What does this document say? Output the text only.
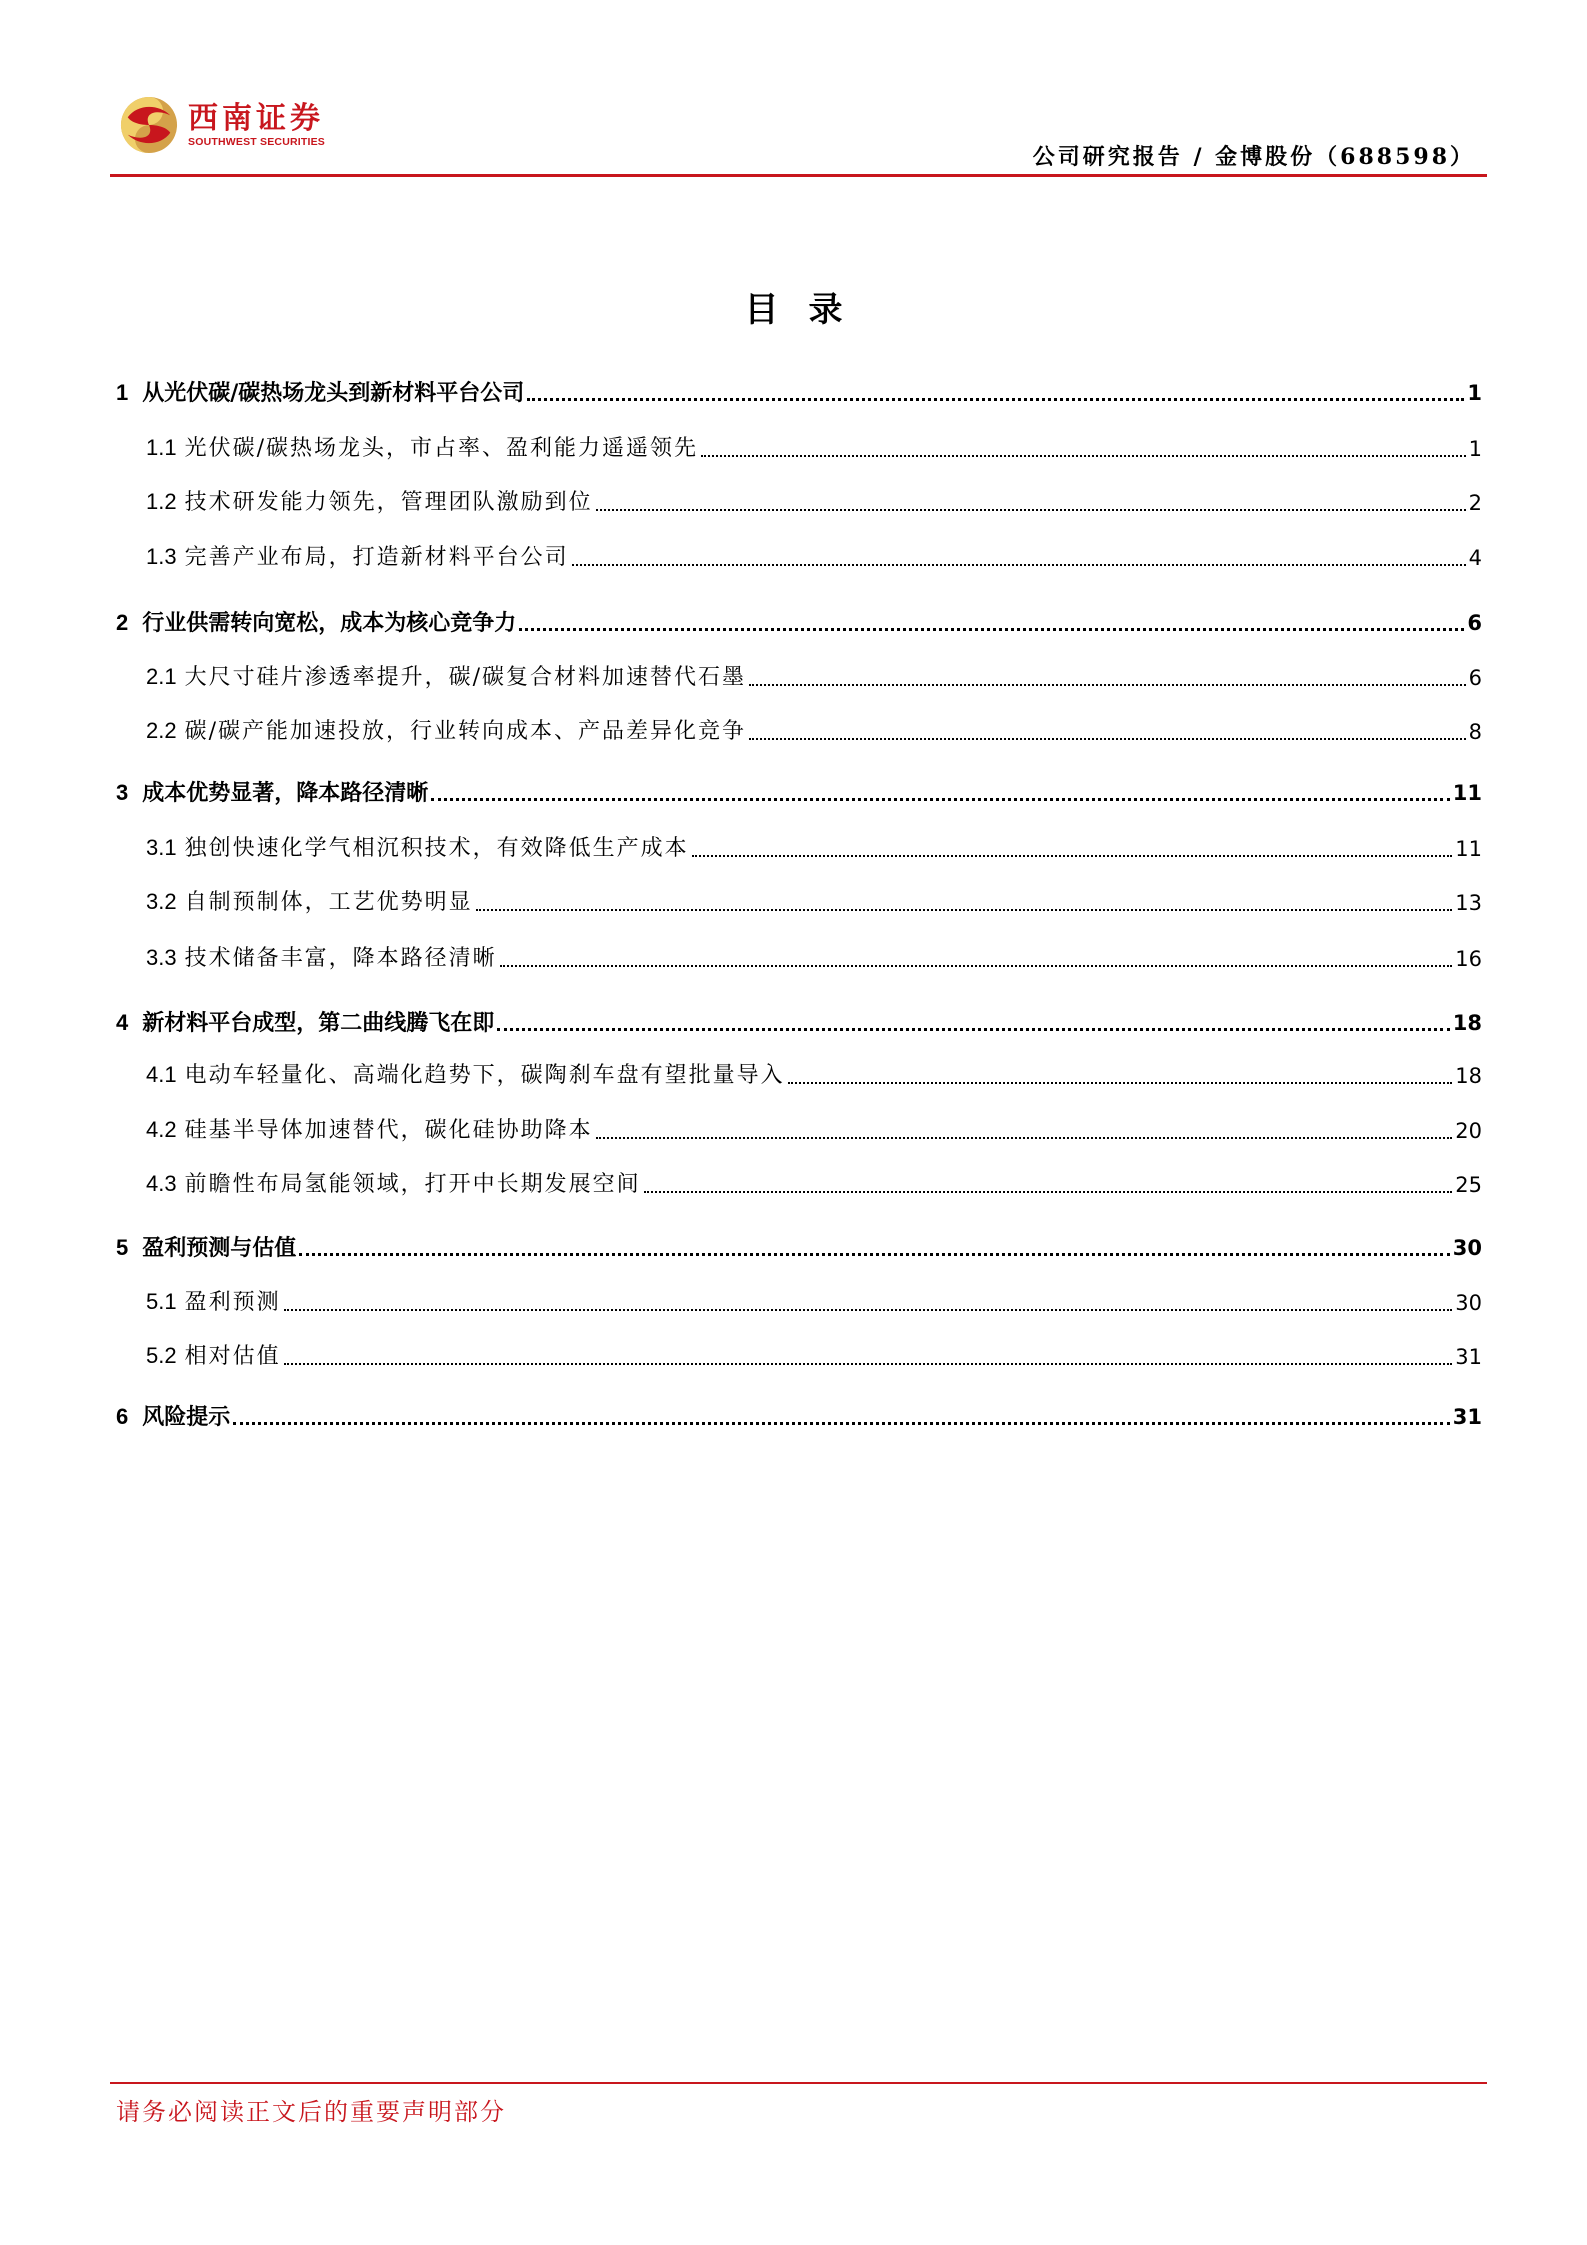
西南证券
SOUTHWEST SECURITIES
公司研究报告 / 金博股份（688598）
目录
1 从光伏碳/碳热场龙头到新材料平台公司	1
1.1 光伏碳/碳热场龙头，市占率、盈利能力遥遥领先	1
1.2 技术研发能力领先，管理团队激励到位	2
1.3 完善产业布局，打造新材料平台公司	4
2 行业供需转向宽松，成本为核心竞争力	6
2.1 大尺寸硅片渗透率提升，碳/碳复合材料加速替代石墨	6
2.2 碳/碳产能加速投放，行业转向成本、产品差异化竞争	8
3 成本优势显著，降本路径清晰	11
3.1 独创快速化学气相沉积技术，有效降低生产成本	11
3.2 自制预制体，工艺优势明显	13
3.3 技术储备丰富，降本路径清晰	16
4 新材料平台成型，第二曲线腾飞在即	18
4.1 电动车轻量化、高端化趋势下，碳陶刹车盘有望批量导入	18
4.2 硅基半导体加速替代，碳化硅协助降本	20
4.3 前瞻性布局氢能领域，打开中长期发展空间	25
5 盈利预测与估值	30
5.1 盈利预测	30
5.2 相对估值	31
6 风险提示	31
请务必阅读正文后的重要声明部分
